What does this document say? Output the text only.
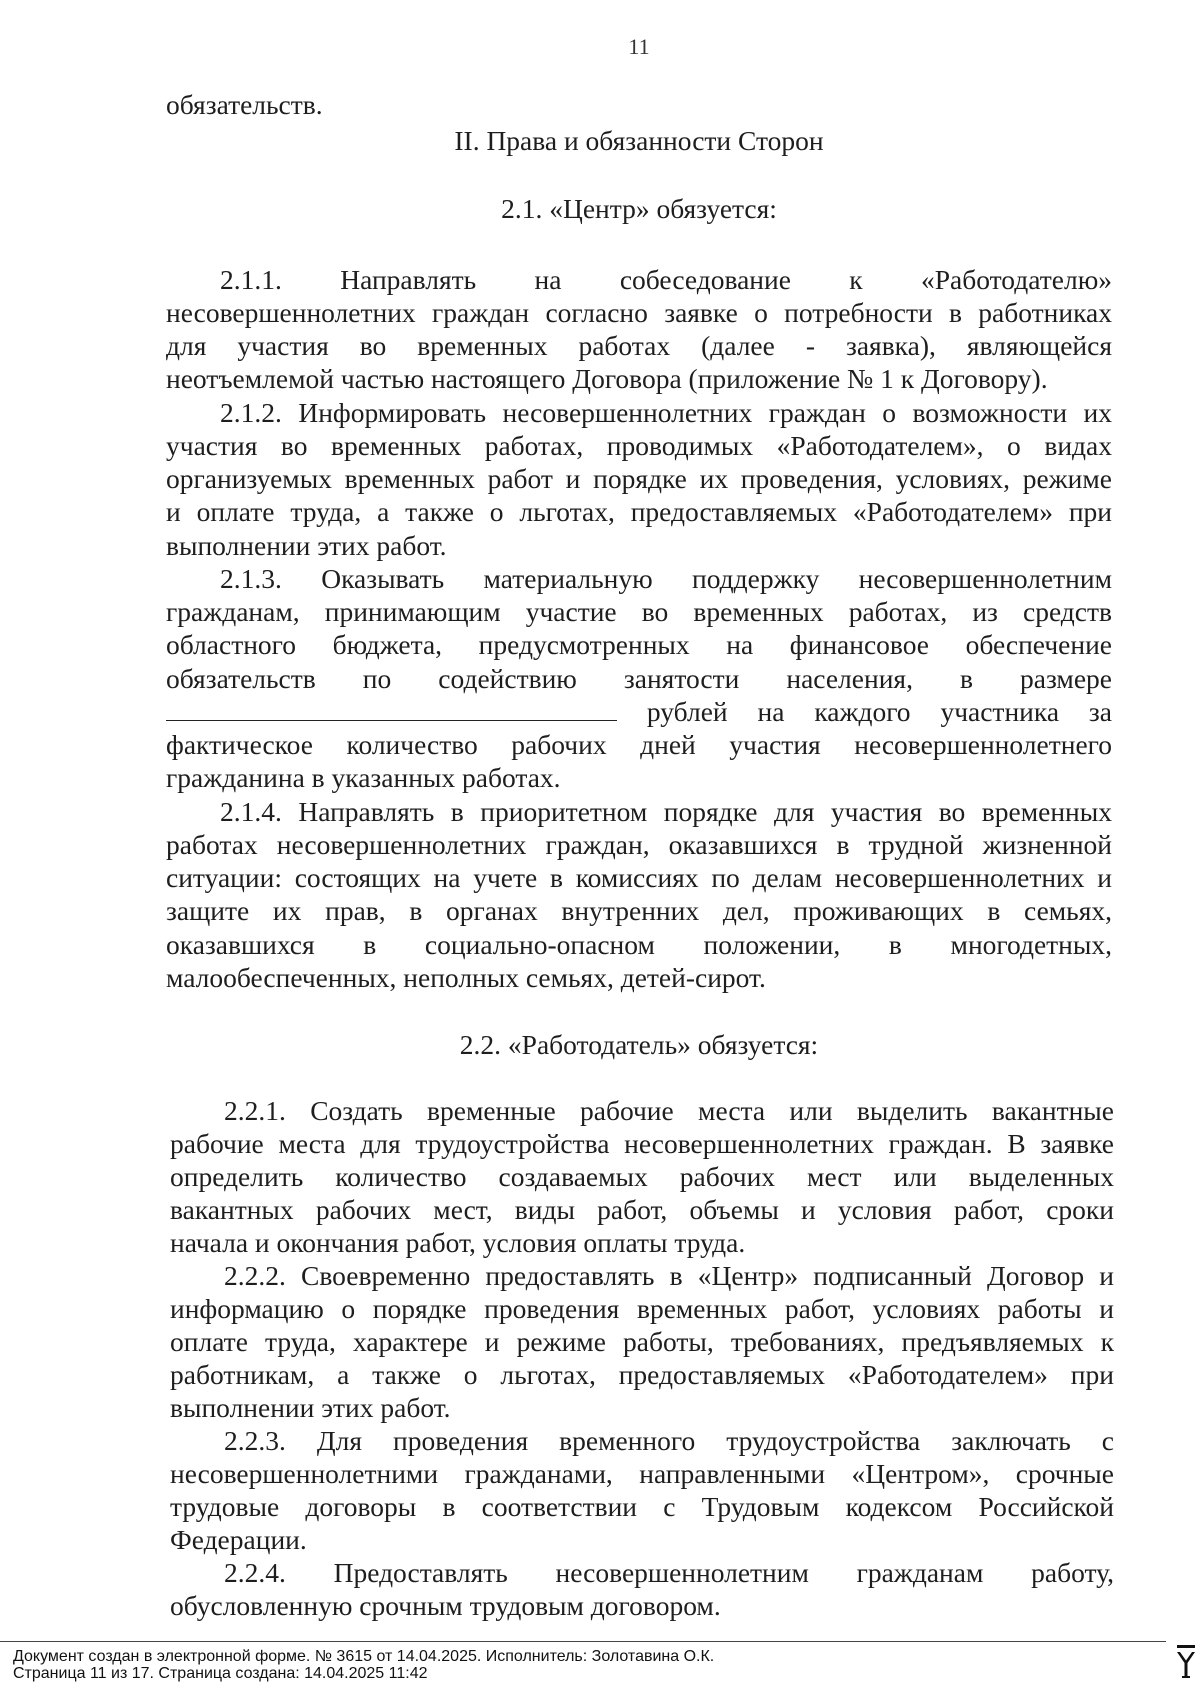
11
обязательств.
II. Права и обязанности Сторон
2.1. «Центр» обязуется:
2.1.1. Направлять на собеседование к «Работодателю»
несовершеннолетних граждан согласно заявке о потребности в работниках
для участия во временных работах (далее - заявка), являющейся
неотъемлемой частью настоящего Договора (приложение № 1 к Договору).
2.1.2. Информировать несовершеннолетних граждан о возможности их
участия во временных работах, проводимых «Работодателем», о видах
организуемых временных работ и порядке их проведения, условиях, режиме
и оплате труда, а также о льготах, предоставляемых «Работодателем» при
выполнении этих работ.
2.1.3. Оказывать материальную поддержку несовершеннолетним
гражданам, принимающим участие во временных работах, из средств
областного бюджета, предусмотренных на финансовое обеспечение
обязательств по содействию занятости населения, в размере
рублей на каждого участника за
фактическое количество рабочих дней участия несовершеннолетнего
гражданина в указанных работах.
2.1.4. Направлять в приоритетном порядке для участия во временных
работах несовершеннолетних граждан, оказавшихся в трудной жизненной
ситуации: состоящих на учете в комиссиях по делам несовершеннолетних и
защите их прав, в органах внутренних дел, проживающих в семьях,
оказавшихся в социально-опасном положении, в многодетных,
малообеспеченных, неполных семьях, детей-сирот.
2.2. «Работодатель» обязуется:
2.2.1. Создать временные рабочие места или выделить вакантные
рабочие места для трудоустройства несовершеннолетних граждан. В заявке
определить количество создаваемых рабочих мест или выделенных
вакантных рабочих мест, виды работ, объемы и условия работ, сроки
начала и окончания работ, условия оплаты труда.
2.2.2. Своевременно предоставлять в «Центр» подписанный Договор и
информацию о порядке проведения временных работ, условиях работы и
оплате труда, характере и режиме работы, требованиях, предъявляемых к
работникам, а также о льготах, предоставляемых «Работодателем» при
выполнении этих работ.
2.2.3. Для проведения временного трудоустройства заключать с
несовершеннолетними гражданами, направленными «Центром», срочные
трудовые договоры в соответствии с Трудовым кодексом Российской
Федерации.
2.2.4. Предоставлять несовершеннолетним гражданам работу,
обусловленную срочным трудовым договором.
Документ создан в электронной форме. № 3615 от 14.04.2025. Исполнитель: Золотавина О.К.
Страница 11 из 17. Страница создана: 14.04.2025 11:42
